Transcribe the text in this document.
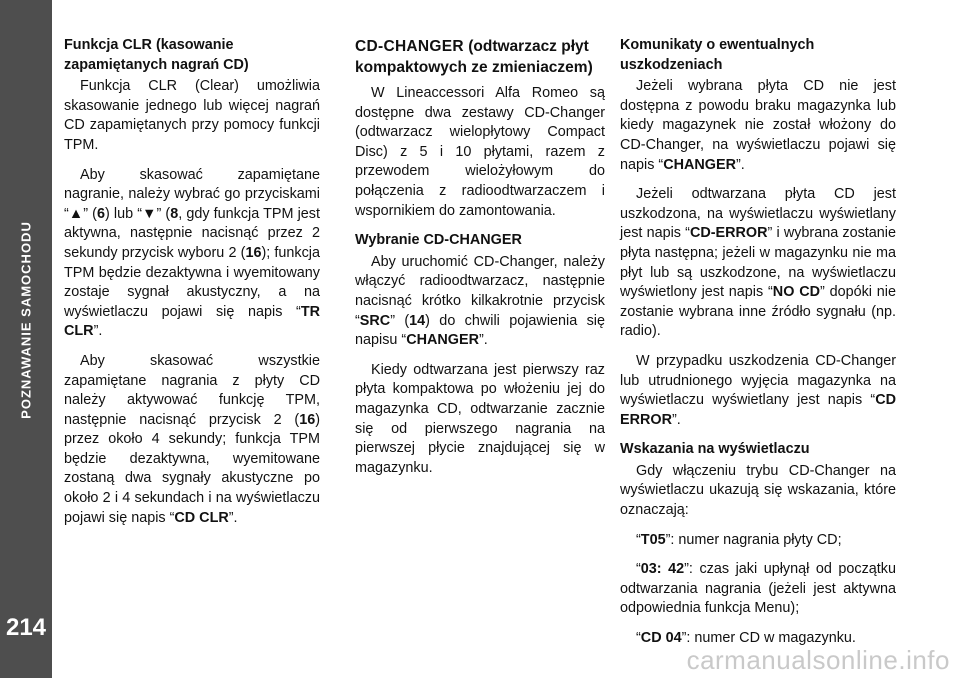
POZNAWANIE SAMOCHODU
214
Funkcja CLR (kasowanie zapamiętanych nagrań CD)

Funkcja CLR (Clear) umożliwia skasowanie jednego lub więcej nagrań CD zapamiętanych przy pomocy funkcji TPM.

Aby skasować zapamiętane nagranie, należy wybrać go przyciskami “▲” (6) lub “▼” (8, gdy funkcja TPM jest aktywna, następnie nacisnąć przez 2 sekundy przycisk wyboru 2 (16); funkcja TPM będzie dezaktywna i wyemitowany zostaje sygnał akustyczny, a na wyświetlaczu pojawi się napis “TR CLR”.

Aby skasować wszystkie zapamiętane nagrania z płyty CD należy aktywować funkcję TPM, następnie nacisnąć przycisk 2 (16) przez około 4 sekundy; funkcja TPM będzie dezaktywna, wyemitowane zostaną dwa sygnały akustyczne po około 2 i 4 sekundach i na wyświetlaczu pojawi się napis “CD CLR”.

CD-CHANGER (odtwarzacz płyt kompaktowych ze zmieniaczem)

W Lineaccessori Alfa Romeo są dostępne dwa zestawy CD-Changer (odtwarzacz wielopłytowy Compact Disc) z 5 i 10 płytami, razem z przewodem wielożyłowym do połączenia z radioodtwarzaczem i wspornikiem do zamontowania.

Wybranie CD-CHANGER

Aby uruchomić CD-Changer, należy włączyć radioodtwarzacz, następnie nacisnąć krótko kilkakrotnie przycisk “SRC” (14) do chwili pojawienia się napisu “CHANGER”.

Kiedy odtwarzana jest pierwszy raz płyta kompaktowa po włożeniu jej do magazynka CD, odtwarzanie zacznie się od pierwszego nagrania na pierwszej płycie znajdującej się w magazynku.

Komunikaty o ewentualnych uszkodzeniach

Jeżeli wybrana płyta CD nie jest dostępna z powodu braku magazynka lub kiedy magazynek nie został włożony do CD-Changer, na wyświetlaczu pojawi się napis “CHANGER”.

Jeżeli odtwarzana płyta CD jest uszkodzona, na wyświetlaczu wyświetlany jest napis “CD-ERROR” i wybrana zostanie płyta następna; jeżeli w magazynku nie ma płyt lub są uszkodzone, na wyświetlaczu wyświetlony jest napis “NO CD” dopóki nie zostanie wybrana inne źródło sygnału (np. radio).

W przypadku uszkodzenia CD-Changer lub utrudnionego wyjęcia magazynka na wyświetlaczu wyświetlany jest napis “CD ERROR”.

Wskazania na wyświetlaczu

Gdy włączeniu trybu CD-Changer na wyświetlaczu ukazują się wskazania, które oznaczają:

“T05”: numer nagrania płyty CD;

“03: 42”: czas jaki upłynął od początku odtwarzania nagrania (jeżeli jest aktywna odpowiednia funkcja Menu);

“CD 04”: numer CD w magazynku.

carmanualsonline.info
